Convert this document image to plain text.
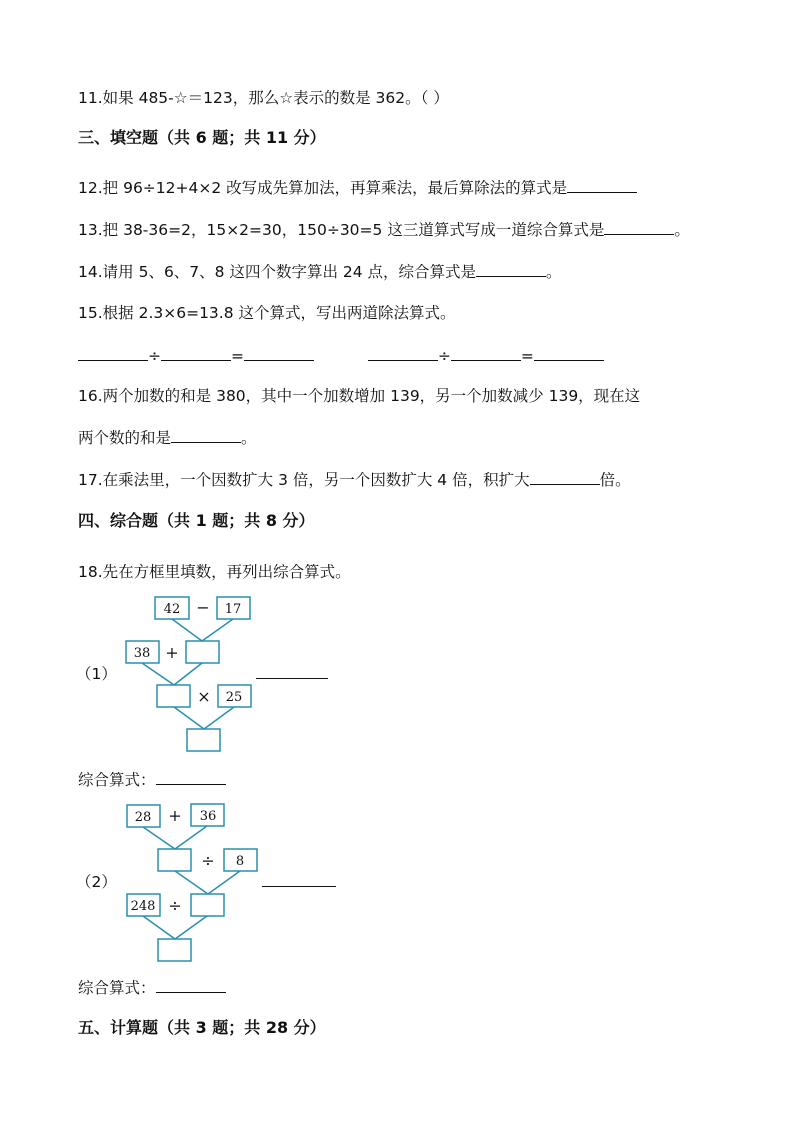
11.如果 485-☆＝123，那么☆表示的数是 362。（ ）
三、填空题（共 6 题；共 11 分）
12.把 96÷12+4×2 改写成先算加法，再算乘法，最后算除法的算式是
13.把 38-36=2，15×2=30，150÷30=5 这三道算式写成一道综合算式是	。
14.请用 5、6、7、8 这四个数字算出 24 点，综合算式是	。
15.根据 2.3×6=13.8 这个算式，写出两道除法算式。
÷	=	÷	=
16.两个加数的和是 380，其中一个加数增加 139，另一个加数减少 139，现在这
两个数的和是	。
17.在乘法里，一个因数扩大 3 倍，另一个因数扩大 4 倍，积扩大	倍。
四、综合题（共 1 题；共 8 分）
18.先在方框里填数，再列出综合算式。
（1）
42 − 17
38 +
× 25
综合算式：
（2）
28 + 36
÷ 8
248 ÷
综合算式：
五、计算题（共 3 题；共 28 分）
